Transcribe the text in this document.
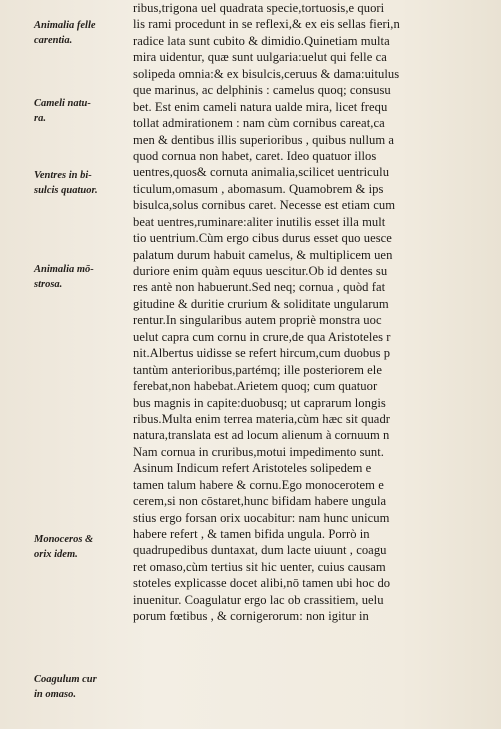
Animalia felle
carentia.
Cameli natu-
ra.
Ventres in bi-
sulcis quatuor.
Animalia mō-
strosa.
Monoceros &
orix idem.
Coagulum cur
in omaso.
ribus,trigona uel quadrata specie,tortuosis,e quori
lis rami procedunt in se reflexi,& ex eis sellas fieri,n
radice lata sunt cubito & dimidio.Quinetiam multa
mira uidentur, quæ sunt uulgaria:uelut qui felle ca
solipeda omnia:& ex bisulcis,ceruus & dama:uitulus
que marinus, ac delphinis : camelus quoq; consusu
bet. Est enim cameli natura ualde mira, licet frequ
tollat admirationem : nam cùm cornibus careat,ca
men & dentibus illis superioribus , quibus nullum a
quod cornua non habet, caret. Ideo quatuor illos
uentres,quos& cornuta animalia,scilicet uentriculu
ticulum,omasum , abomasum. Quamobrem & ips
bisulca,solus cornibus caret. Necesse est etiam cum
beat uentres,ruminare:aliter inutilis esset illa mult
tio uentrium.Cùm ergo cibus durus esset quo uesce
palatum durum habuit camelus, & multiplicem uen
duriore enim quàm equus uescitur.Ob id dentes su
res antè non habuerunt.Sed neq; cornua , quòd fat
gitudine & duritie crurium & soliditate ungularum
rentur.In singularibus autem propriè monstra uoc
uelut capra cum cornu in crure,de qua Aristoteles r
nit.Albertus uidisse se refert hircum,cum duobus p
tantùm anterioribus,partémq; ille posteriorem ele
ferebat,non habebat.Arietem quoq; cum quatuor
bus magnis in capite:duobusq; ut caprarum longis
ribus.Multa enim terrea materia,cùm hæc sit quadr
natura,translata est ad locum alienum à cornuum n
Nam cornua in cruribus,motui impedimento sunt.
Asinum Indicum refert Aristoteles solipedem e
tamen talum habere & cornu.Ego monocerotem e
cerem,si non cōstaret,hunc bifidam habere ungula
stius ergo forsan orix uocabitur: nam hunc unicum
habere refert , & tamen bifida ungula. Porrò in
quadrupedibus duntaxat, dum lacte uiuunt , coagu
ret omaso,cùm tertius sit hic uenter, cuius causam
stoteles explicasse docet alibi,nō tamen ubi hoc do
inuenitur. Coagulatur ergo lac ob crassitiem, uelu
porum fœtibus , & cornigerorum: non igitur in
